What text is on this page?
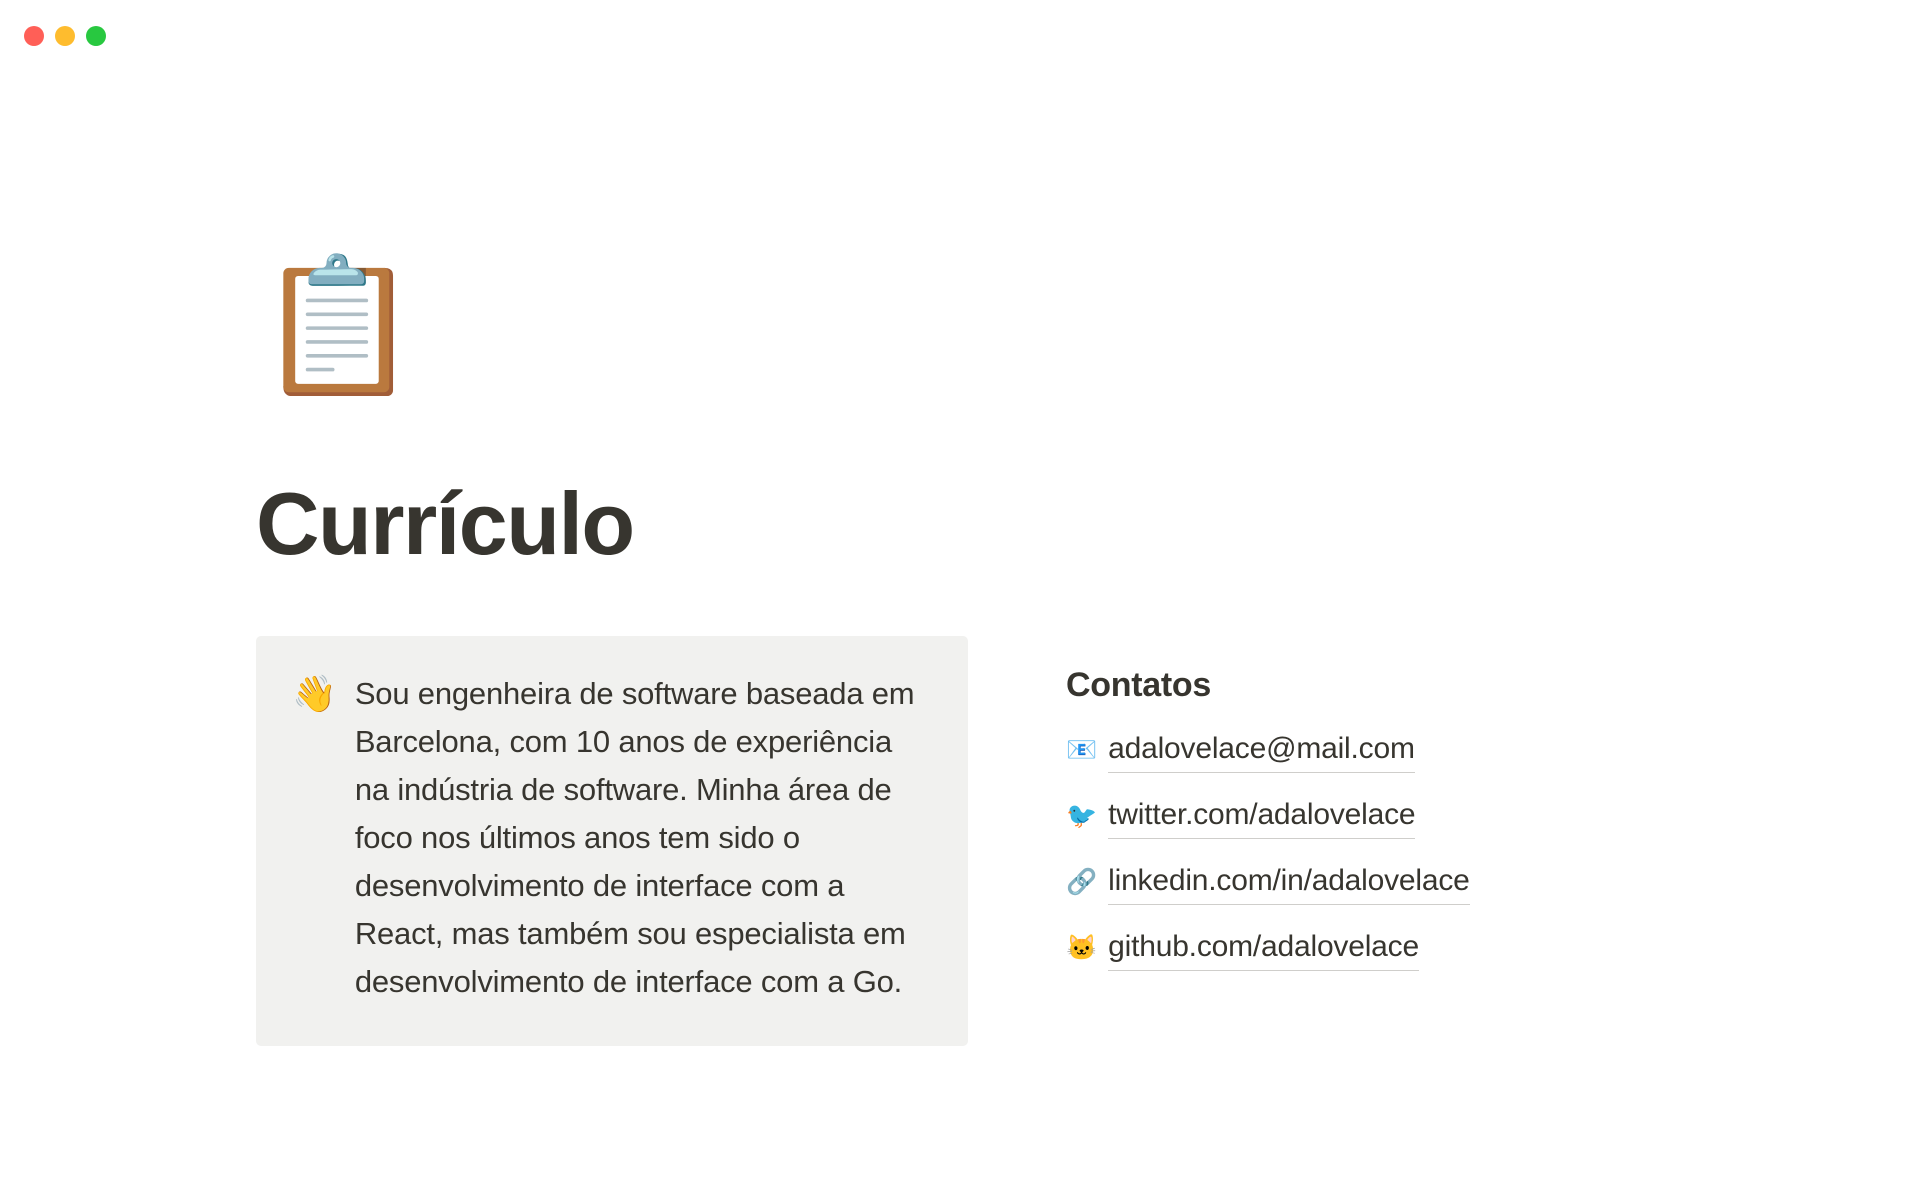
📋
Currículo
👋 Sou engenheira de software baseada em Barcelona, com 10 anos de experiência na indústria de software. Minha área de foco nos últimos anos tem sido o desenvolvimento de interface com a React, mas também sou especialista em desenvolvimento de interface com a Go.
Contatos
📧 adalovelace@mail.com
🐦 twitter.com/adalovelace
🔗 linkedin.com/in/adalovelace
🐱 github.com/adalovelace
